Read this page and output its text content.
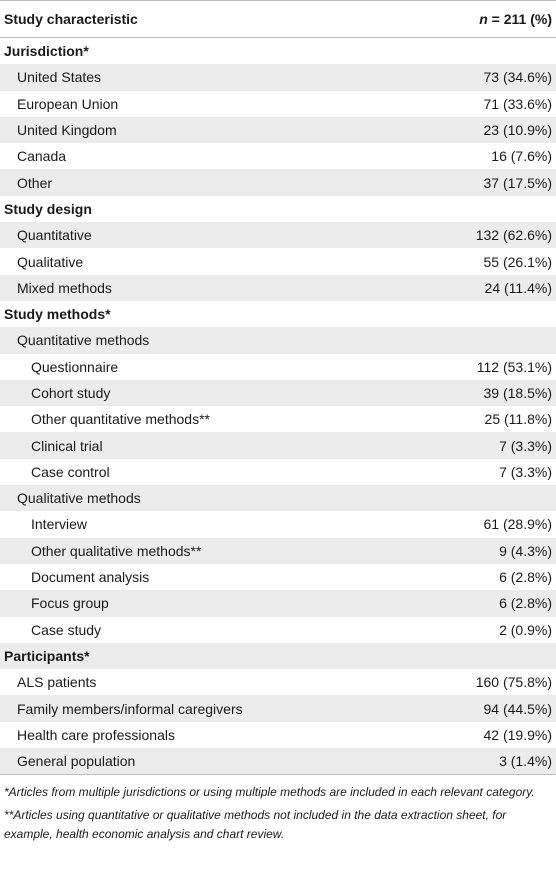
Study characteristic	n = 211 (%)
Jurisdiction*
United States	73 (34.6%)
European Union	71 (33.6%)
United Kingdom	23 (10.9%)
Canada	16 (7.6%)
Other	37 (17.5%)
Study design
Quantitative	132 (62.6%)
Qualitative	55 (26.1%)
Mixed methods	24 (11.4%)
Study methods*
Quantitative methods
Questionnaire	112 (53.1%)
Cohort study	39 (18.5%)
Other quantitative methods**	25 (11.8%)
Clinical trial	7 (3.3%)
Case control	7 (3.3%)
Qualitative methods
Interview	61 (28.9%)
Other qualitative methods**	9 (4.3%)
Document analysis	6 (2.8%)
Focus group	6 (2.8%)
Case study	2 (0.9%)
Participants*
ALS patients	160 (75.8%)
Family members/informal caregivers	94 (44.5%)
Health care professionals	42 (19.9%)
General population	3 (1.4%)

*Articles from multiple jurisdictions or using multiple methods are included in each relevant category.

**Articles using quantitative or qualitative methods not included in the data extraction sheet, for example, health economic analysis and chart review.
